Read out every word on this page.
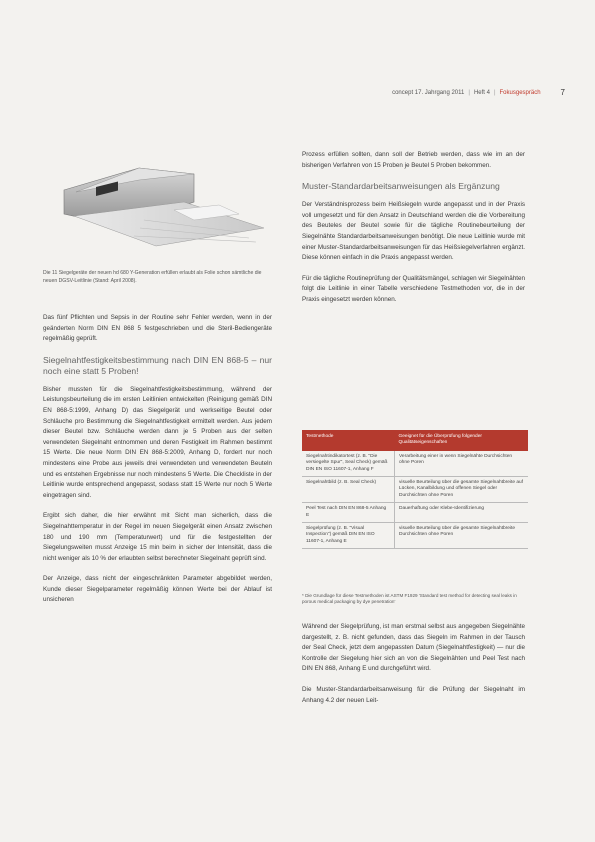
concept 17. Jahrgang 2011 | Heft 4 | Fokusgespräch	7
Die 11 Siegelgeräte der neuen hd 680 Y-Generation erfüllen erlaubt als Folie schon sämtliche die neuen DGSV-Leitlinie (Stand: April 2008).

Das fünf Pflichten und Sepsis in der Routine sehr Fehler werden, wenn in der geänderten Norm DIN EN 868 5 festgeschrieben und die Steril-Bediengeräte regelmäßig geprüft.

Siegelnahtfestigkeitsbestimmung nach DIN EN 868-5 – nur noch eine statt 5 Proben!

Bisher mussten für die Siegelnahtfestigkeitsbestimmung, während der Leistungsbeurteilung die im ersten Leitlinien entwickelten (Reinigung gemäß DIN EN 868-5:1999, Anhang D) das Siegelgerät und werkseitige Beutel oder Schläuche pro Bestimmung die Siegelnahtfestigkeit ermittelt werden. Aus jedem dieser Beutel bzw. Schläuche werden dann je 5 Proben aus der selten verwendeten Siegelnaht entnommen und deren Festigkeit im Rahmen bestimmt 15 Werte. Die neue Norm DIN EN 868-5:2009, Anhang D, fordert nur noch mindestens eine Probe aus jeweils drei verwendeten und verwendeten Beuteln und es entstehen Ergebnisse nur noch mindestens 5 Werte. Die Checkliste in der Leitlinie wurde entsprechend angepasst, sodass statt 15 Werte nur noch 5 Werte eingetragen sind.

Ergibt sich daher, die hier erwähnt mit Sicht man sicherlich, dass die Siegelnahttemperatur in der Regel im neuen Siegelgerät einen Ansatz zwischen 180 und 190 mm (Temperaturwert) und für die festgestellten der Siegelungsweiten musst Anzeige 15 min beim in sicher der Intensität, dass die nicht weniger als 10 % der erlaubten selbst berechneter Siegelnaht geprüft sind.

Der Anzeige, dass nicht der eingeschränkten Parameter abgebildet werden, Kunde dieser Siegelparameter regelmäßig können Werte bei der Ablauf ist unsicheren

Prozess erfüllen sollten, dann soll der Betrieb werden, dass wie im an der bisherigen Verfahren von 15 Proben je Beutel 5 Proben bekommen.

Muster-Standardarbeitsanweisungen als Ergänzung

Der Verständnisprozess beim Heißsiegeln wurde angepasst und in der Praxis voll umgesetzt und für den Ansatz in Deutschland werden die die Vorbereitung des Beuteles der Beutel sowie für die tägliche Routinebeurteilung der Siegelnähte Standardarbeitsanweisungen benötigt. Die neue Leitlinie wurde mit einer Muster-Standardarbeitsanweisungen für das Heißsiegelverfahren ergänzt. Diese können einfach in die Praxis angepasst werden.

Für die tägliche Routineprüfung der Qualitätsmängel, schlagen wir Siegelnähten folgt die Leitlinie in einer Tabelle verschiedene Testmethoden vor, die in der Praxis eingesetzt werden können.

Testmethode	Geeignet für die Überprüfung folgender Qualitätseigenschaften
Siegelnahtindikatortest (z. B. "Die versiegelte Spur", Seal Check) gemäß DIN EN ISO 11607-1, Anhang F	Verarbeitung einer in wenn Siegelnähte Durchsichten ohne Poren
Siegelnahtbild (z. B. Seal Check)	visuelle Beurteilung über die gesamte Siegelnahtbreite auf Lücken, Kanalbildung und offenen Siegel oder Durchsichten ohne Poren
Peel Test nach DIN EN 868-5 Anhang E	Dauerhaftung oder Klebe-Identifizierung
Siegelprüfung (z. B. "Visual Inspection") gemäß DIN EN ISO 11607-1, Anhang E	visuelle Beurteilung über die gesamte Siegelnahtbreite Durchsichten ohne Poren
* Die Grundlage für diese Testmethoden ist ASTM F1929 'Standard test method for detecting seal leaks in porous medical packaging by dye penetration'

Während der Siegelprüfung, ist man erstmal selbst aus angegeben Siegelnähte dargestellt, z. B. nicht gefunden, dass das Siegeln im Rahmen in der Tausch der Seal Check, jetzt dem angepassten Datum (Siegelnahtfestigkeit) — nur die Kontrolle der Siegelung hier sich an von die Siegelnähten und Peel Test nach DIN EN 868, Anhang E und durchgeführt wird.

Die Muster-Standardarbeitsanweisung für die Prüfung der Siegelnaht im Anhang 4.2 der neuen Leit-
